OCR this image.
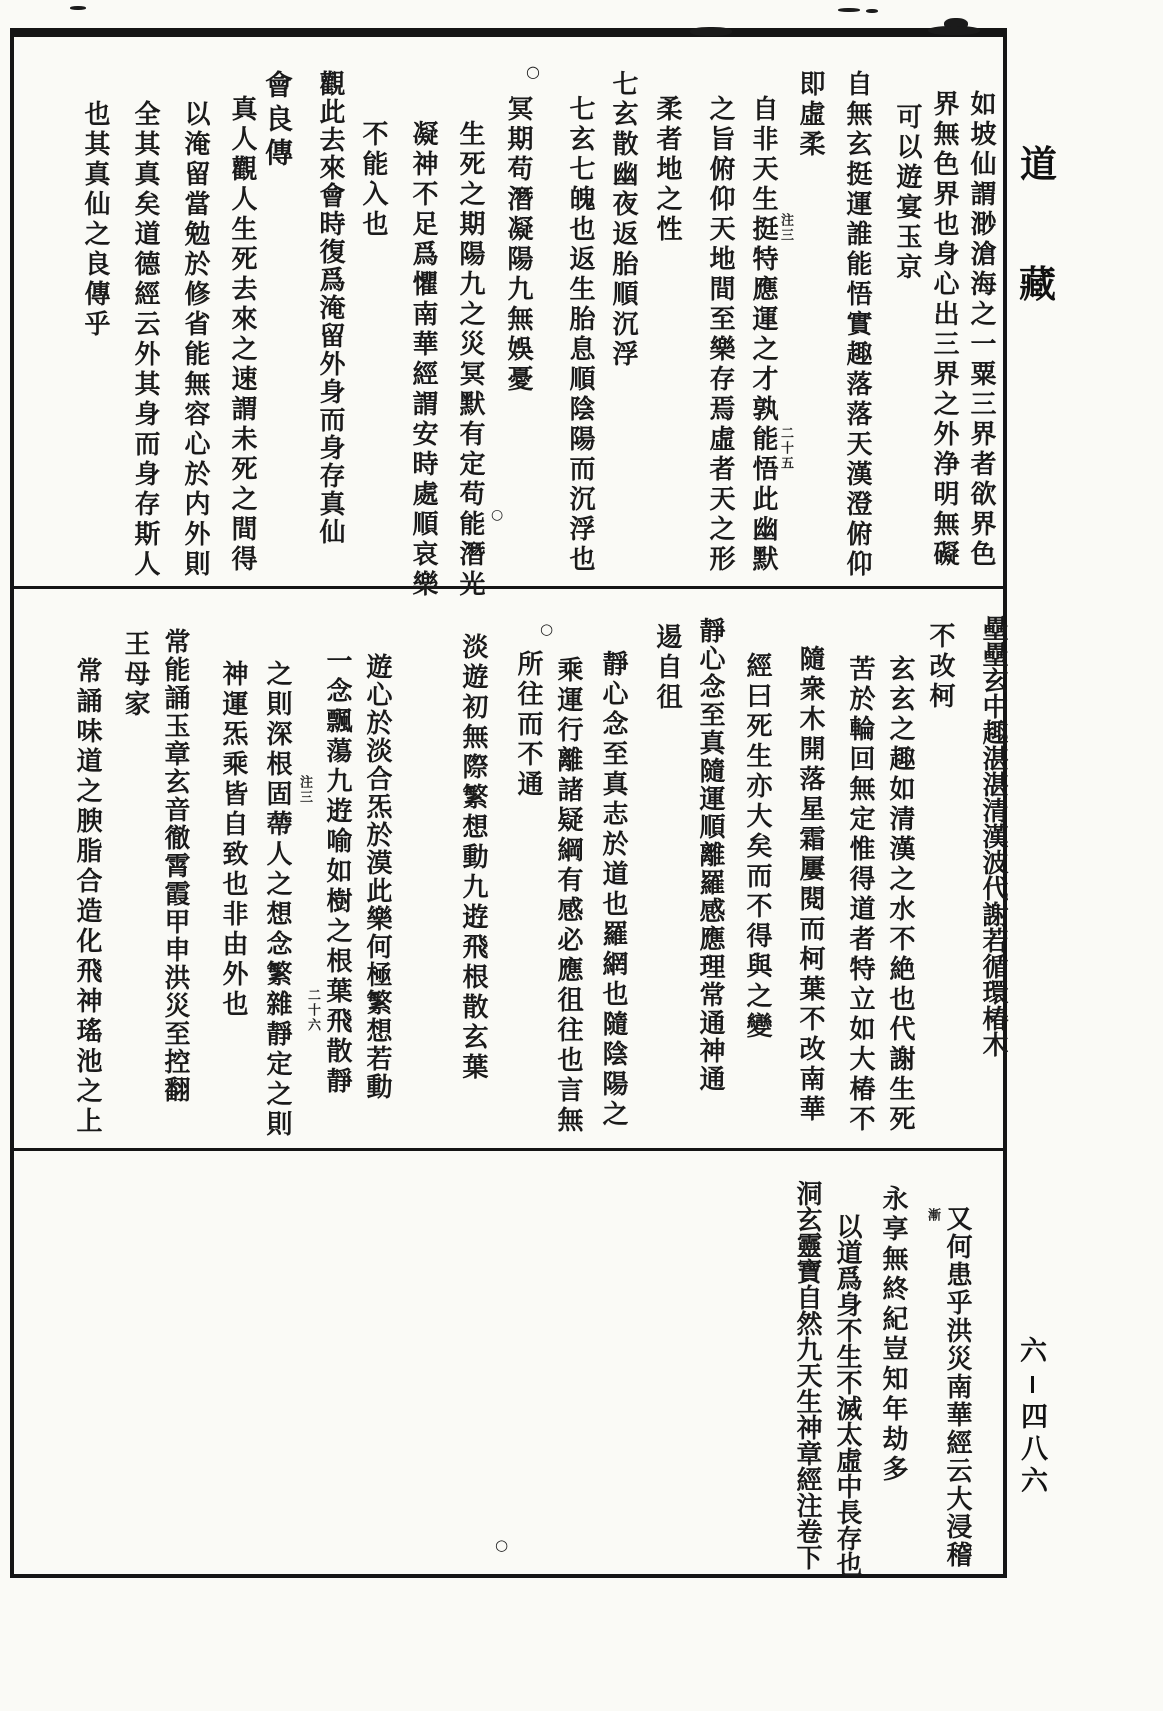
如坡仙謂渺滄海之一粟三界者欲界色
界無色界也身心出三界之外浄明無礙
可以遊宴玉京
自無玄挺運誰能悟實趣落落天漢澄俯仰
即虛柔
自非天生挺特應運之才孰能悟此幽默 注三
二十五
之旨俯仰天地間至樂存焉虛者天之形
柔者地之性
七玄散幽夜返胎順沉浮
七玄七魄也返生胎息順陰陽而沉浮也
○
冥期苟潛凝陽九無娛憂
○
生死之期陽九之災冥默有定苟能潛光
凝神不足爲懼南華經謂安時處順哀樂
不能入也
觀此去來會時復爲淹留外身而身存真仙
會良傳
真人觀人生死去來之速謂未死之間得
以淹留當勉於修省能無容心於内外則
全其真矣道德經云外其身而身存斯人
也其真仙之良傳乎
壘壘玄中趣湛湛清漢波代謝若循環椿木
不改柯
玄玄之趣如清漢之水不絶也代謝生死
苦於輪回無定惟得道者特立如大椿不
隨衆木開落星霜屢閱而柯葉不改南華
經曰死生亦大矣而不得與之變
靜心念至真隨運順離羅感應理常通神通
逷自徂
靜心念至真志於道也羅網也隨陰陽之
乘運行離諸疑綱有感必應徂往也言無
○
所往而不通
淡遊初無際繁想動九逰飛根散玄葉
遊心於淡合炁於漠此樂何極繁想若動
一念飄蕩九逰喻如樹之根葉飛散靜
注三
二十六
之則深根固蔕人之想念繁雜靜定之則
神運炁乘皆自致也非由外也
常能誦玉章玄音徹霄霞甲申洪災至控翻
王母家
常誦味道之腴脂合造化飛神瑤池之上
又何患乎洪災南華經云大浸稽
漸
永享無終紀豈知年劫多
以道爲身不生不滅太虛中長存也
洞玄靈寶自然九天生神章經注卷下
○
道
藏
六
四八六
